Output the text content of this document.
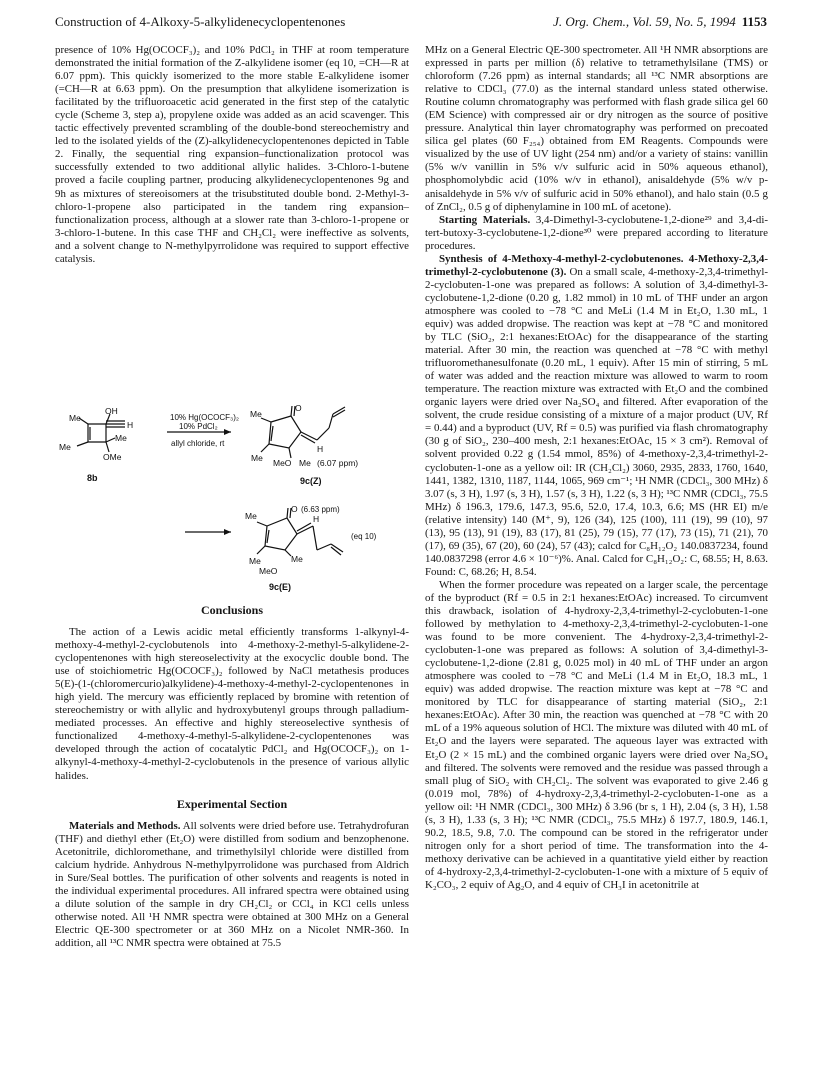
Construction of 4-Alkoxy-5-alkylidenecyclopentenones	J. Org. Chem., Vol. 59, No. 5, 1994 1153

presence of 10% Hg(OCOCF₃)₂ and 10% PdCl₂ in THF at room temperature demonstrated the initial formation of the Z-alkylidene isomer (eq 10, =CH—R at 6.07 ppm). This quickly isomerized to the more stable E-alkylidene isomer (=CH—R at 6.63 ppm). On the presumption that alkylidene isomerization is facilitated by the trifluoroacetic acid generated in the first step of the catalytic cycle (Scheme 3, step a), propylene oxide was added as an acid scavenger. This tactic effectively prevented scrambling of the double-bond stereochemistry and led to the isolated yields of the (Z)-alkylidenecyclopentenones depicted in Table 2. Finally, the sequential ring expansion–functionalization protocol was successfully extended to two additional allylic halides. 3-Chloro-1-butene proved a facile coupling partner, producing alkylidenecyclopentenones 9g and 9h as mixtures of stereoisomers at the trisubstituted double bond. 2-Methyl-3-chloro-1-propene also participated in the tandem ring expansion–functionalization process, although at a slower rate than 3-chloro-1-propene or 3-chloro-1-butene. In this case THF and CH₂Cl₂ were ineffective as solvents, and a solvent change to N-methylpyrrolidone was required to support effective catalysis.

Me
OH
H
Me
Me
OMe
8b
10% Hg(OCOCF₃)₂
10% PdCl₂
allyl chloride, rt
O
Me
H
Me MeO Me (6.07 ppm)
9c(Z)
O (6.63 ppm)
H
Me
Me
MeO
Me
(eq 10)
9c(E)
Conclusions

The action of a Lewis acidic metal efficiently transforms 1-alkynyl-4-methoxy-4-methyl-2-cyclobutenols into 4-methoxy-2-methyl-5-alkylidene-2-cyclopentenones with high stereoselectivity at the exocyclic double bond. The use of stoichiometric Hg(OCOCF₃)₂ followed by NaCl metathesis produces 5(E)-(1-(chloromercurio)alkylidene)-4-methoxy-4-methyl-2-cyclopentenones in high yield. The mercury was efficiently replaced by bromine with retention of stereochemistry or with allylic and hydroxybutenyl groups through palladium-mediated processes. An effective and highly stereoselective synthesis of functionalized 4-methoxy-4-methyl-5-alkylidene-2-cyclopentenones was developed through the action of cocatalytic PdCl₂ and Hg(OCOCF₃)₂ on 1-alkynyl-4-methoxy-4-methyl-2-cyclobutenols in the presence of various allylic halides.

Experimental Section

Materials and Methods. All solvents were dried before use. Tetrahydrofuran (THF) and diethyl ether (Et₂O) were distilled from sodium and benzophenone. Acetonitrile, dichloromethane, and trimethylsilyl chloride were distilled from calcium hydride. Anhydrous N-methylpyrrolidone was purchased from Aldrich in Sure/Seal bottles. The purification of other solvents and reagents is noted in the individual experimental procedures. All infrared spectra were obtained using a dilute solution of the sample in dry CH₂Cl₂ or CCl₄ in KCl cells unless otherwise noted. All ¹H NMR spectra were obtained at 300 MHz on a General Electric QE-300 spectrometer or at 360 MHz on a Nicolet NMR-360. In addition, all ¹³C NMR spectra were obtained at 75.5

MHz on a General Electric QE-300 spectrometer. All ¹H NMR absorptions are expressed in parts per million (δ) relative to tetramethylsilane (TMS) or chloroform (7.26 ppm) as internal standards; all ¹³C NMR absorptions are relative to CDCl₃ (77.0) as the internal standard unless stated otherwise. Routine column chromatography was performed with flash grade silica gel 60 (EM Science) with compressed air or dry nitrogen as the source of positive pressure. Analytical thin layer chromatography was performed on precoated silica gel plates (60 F₂₅₄) obtained from EM Reagents. Compounds were visualized by the use of UV light (254 nm) and/or a variety of stains: vanillin (5% w/v vanillin in 5% v/v sulfuric acid in 50% aqueous ethanol), phosphomolybdic acid (10% w/v in ethanol), anisaldehyde (5% w/v p-anisaldehyde in 5% v/v of sulfuric acid in 50% ethanol), and halo stain (0.5 g of ZnCl₂, 0.5 g of diphenylamine in 100 mL of acetone).

Starting Materials. 3,4-Dimethyl-3-cyclobutene-1,2-dione²⁹ and 3,4-di-tert-butoxy-3-cyclobutene-1,2-dione³⁰ were prepared according to literature procedures.

Synthesis of 4-Methoxy-4-methyl-2-cyclobutenones. 4-Methoxy-2,3,4-trimethyl-2-cyclobutenone (3). On a small scale, 4-methoxy-2,3,4-trimethyl-2-cyclobuten-1-one was prepared as follows: A solution of 3,4-dimethyl-3-cyclobutene-1,2-dione (0.20 g, 1.82 mmol) in 10 mL of THF under an argon atmosphere was cooled to −78 °C and MeLi (1.4 M in Et₂O, 1.30 mL, 1 equiv) was added dropwise. The reaction was kept at −78 °C and monitored by TLC (SiO₂, 2:1 hexanes:EtOAc) for the disappearance of the starting material. After 30 min, the reaction was quenched at −78 °C with methyl trifluoromethanesulfonate (0.20 mL, 1 equiv). After 15 min of stirring, 5 mL of water was added and the reaction mixture was allowed to warm to room temperature. The reaction mixture was extracted with Et₂O and the combined organic layers were dried over Na₂SO₄ and filtered. After evaporation of the solvent, the crude residue consisting of a mixture of a major product (UV, Rf = 0.44) and a byproduct (UV, Rf = 0.5) was purified via flash chromatography (30 g of SiO₂, 230–400 mesh, 2:1 hexanes:EtOAc, 15 × 3 cm²). Removal of solvent provided 0.22 g (1.54 mmol, 85%) of 4-methoxy-2,3,4-trimethyl-2-cyclobuten-1-one as a yellow oil: IR (CH₂Cl₂) 3060, 2935, 2833, 1760, 1640, 1441, 1382, 1310, 1187, 1144, 1065, 969 cm⁻¹; ¹H NMR (CDCl₃, 300 MHz) δ 3.07 (s, 3 H), 1.97 (s, 3 H), 1.57 (s, 3 H), 1.22 (s, 3 H); ¹³C NMR (CDCl₃, 75.5 MHz) δ 196.3, 179.6, 147.3, 95.6, 52.0, 17.4, 10.3, 6.6; MS (HR EI) m/e (relative intensity) 140 (M⁺, 9), 126 (34), 125 (100), 111 (19), 99 (10), 97 (13), 95 (13), 91 (19), 83 (17), 81 (25), 79 (15), 77 (17), 73 (15), 71 (21), 70 (17), 69 (35), 67 (20), 60 (24), 57 (43); calcd for C₈H₁₂O₂ 140.0837234, found 140.0837298 (error 4.6 × 10⁻⁶)%. Anal. Calcd for C₈H₁₂O₂: C, 68.55; H, 8.63. Found: C, 68.26; H, 8.54.

When the former procedure was repeated on a larger scale, the percentage of the byproduct (Rf = 0.5 in 2:1 hexanes:EtOAc) increased. To circumvent this drawback, isolation of 4-hydroxy-2,3,4-trimethyl-2-cyclobuten-1-one followed by methylation to 4-methoxy-2,3,4-trimethyl-2-cyclobuten-1-one was found to be more convenient. The 4-hydroxy-2,3,4-trimethyl-2-cyclobuten-1-one was prepared as follows: A solution of 3,4-dimethyl-3-cyclobutene-1,2-dione (2.81 g, 0.025 mol) in 40 mL of THF under an argon atmosphere was cooled to −78 °C and MeLi (1.4 M in Et₂O, 18.3 mL, 1 equiv) was added dropwise. The reaction mixture was kept at −78 °C and monitored by TLC for disappearance of starting material (SiO₂, 2:1 hexanes:EtOAc). After 30 min, the reaction was quenched at −78 °C with 20 mL of a 19% aqueous solution of HCl. The mixture was diluted with 40 mL of Et₂O and the layers were separated. The aqueous layer was extracted with Et₂O (2 × 15 mL) and the combined organic layers were dried over Na₂SO₄ and filtered. The solvents were removed and the residue was passed through a small plug of SiO₂ with CH₂Cl₂. The solvent was evaporated to give 2.46 g (0.019 mol, 78%) of 4-hydroxy-2,3,4-trimethyl-2-cyclobuten-1-one as a yellow oil: ¹H NMR (CDCl₃, 300 MHz) δ 3.96 (br s, 1 H), 2.04 (s, 3 H), 1.58 (s, 3 H), 1.33 (s, 3 H); ¹³C NMR (CDCl₃, 75.5 MHz) δ 197.7, 180.9, 146.1, 90.2, 18.5, 9.8, 7.0. The compound can be stored in the refrigerator under nitrogen only for a short period of time. The transformation into the 4-methoxy derivative can be achieved in a quantitative yield either by reaction of 4-hydroxy-2,3,4-trimethyl-2-cyclobuten-1-one with a mixture of 5 equiv of K₂CO₃, 2 equiv of Ag₂O, and 4 equiv of CH₃I in acetonitrile at
